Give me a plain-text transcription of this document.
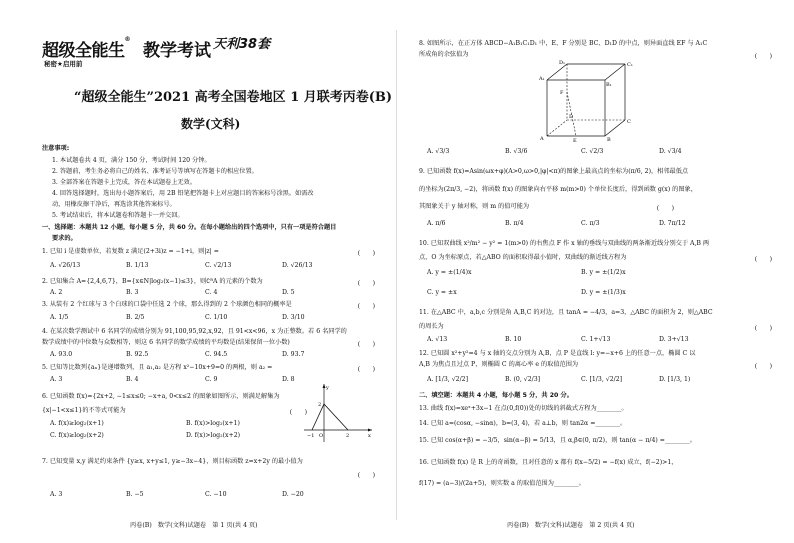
超级全能生®
教学考试 天利38套
秘密★启用前
“超级全能生”2021 高考全国卷地区 1 月联考丙卷(B)
数学(文科)
注意事项:
1. 本试题卷共 4 页，满分 150 分，考试时间 120 分钟。
2. 答题前，考生务必将自己的姓名、准考证号等填写在答题卡的相应位置。
3. 全部答案在答题卡上完成，答在本试题卷上无效。
4. 回答选择题时，选出每小题答案后，用 2B 铅笔把答题卡上对应题目的答案标号涂黑。如需改
动，用橡皮擦干净后，再选涂其他答案标号。
5. 考试结束后，将本试题卷和答题卡一并交回。
一、选择题：本题共 12 小题，每小题 5 分，共 60 分。在每小题给出的四个选项中，只有一项是符合题目
要求的。
1. 已知 i 是虚数单位，若复数 z 满足(2+3i)z = −1+i，则|z| =	(　　)
A. √26/13	B. 1/13	C. √2/13	D. √26/13
2. 已知集合 A={2,4,6,7}，B={x∈N|log₂(x−1)≤3}，则∁ᴮA 的元素的个数为	(　　)
A. 2	B. 3	C. 4	D. 5
3. 从装有 2 个红球与 3 个白球的口袋中任选 2 个球，那么得到的 2 个球颜色相同的概率是	(　　)
A. 1/5	B. 2/5	C. 1/10	D. 3/10
4. 在某次数学测试中 6 名同学的成绩分别为 91,100,95,92,x,92，且 91<x<96，x 为正整数。若 6 名同学的
数学成绩中的中位数与众数相等，则这 6 名同学的数学成绩的平均数是(结果保留一位小数)	(　　)
A. 93.0	B. 92.5	C. 94.5	D. 93.7
5. 已知等比数列{aₙ}是递增数列，且 a₁,a₂ 是方程 x²−10x+9=0 的两根，则 a₂ =	(　　)
A. 3	B. 4	C. 9	D. 8
6. 已知函数 f(x)={2x+2, −1≤x≤0; −x+a, 0<x≤2 的图象如图所示，则满足解集为
{x|−1<x≤1}的不等式可能为	(　　)
A. f(x)≥log₂(x+1)	B. f(x)>log₂(x+1)
C. f(x)≥log₂(x+2)	D. f(x)>log₂(x+2)
y
x
O
−1	2
2
7. 已知变量 x,y 满足约束条件 {y≥x, x+y≤1, y≥−3x−4}，则目标函数 z=x+2y 的最小值为
(　　)
A. 3	B. −5	C. −10	D. −20
丙卷(B)　数学(文科)试题卷　第 1 页(共 4 页)
8. 如图所示，在正方体 ABCD−A₁B₁C₁D₁ 中，E、F 分别是 BC、D₁D 的中点，则异面直线 EF 与 A₁C
所成角的余弦值为	(　　)
A	B
C
D
A₁
B₁
C₁
D₁
E
F
A. √3/3	B. √3/6	C. √2/3	D. √3/4
9. 已知函数 f(x)=Asin(ωx+φ)(A>0,ω>0,|φ|<π)的图象上最高点的坐标为(π/6, 2)，相邻最低点
的坐标为(2π/3, −2)，将函数 f(x) 的图象向右平移 m(m>0) 个单位长度后，得到函数 g(x) 的图象，
其图象关于 y 轴对称，则 m 的值可能为	(　　)
A. π/6	B. π/4	C. π/3	D. 7π/12
10. 已知双曲线 x²/m² − y² = 1(m>0) 的右焦点 F 作 x 轴的垂线与双曲线的两条渐近线分别交于 A,B 两
点，O 为坐标原点，若△ABO 的面积取得最小值时，双曲线的渐近线方程为	(　　)
A. y = ±(1/4)x	B. y = ±(1/2)x
C. y = ±x	D. y = ±(1/3)x
11. 在△ABC 中，a,b,c 分别是角 A,B,C 的对边，且 tanA = −4/3，a=3，△ABC 的面积为 2，则△ABC
的周长为	(　　)
A. √13	B. 10	C. 1+√13	D. 3+√13
12. 已知圆 x²+y²=4 与 x 轴的交点分别为 A,B，点 P 是直线 l: y=−x+6 上的任意一点，椭圆 C 以
A,B 为焦点且过点 P，则椭圆 C 的离心率 e 的取值范围为	(　　)
A. [1/3, √2/2]	B. (0, √2/3]	C. [1/3, √2/2]	D. [1/3, 1)
二、填空题：本题共 4 小题，每小题 5 分，共 20 分。
13. 曲线 f(x)=xeˣ+3x−1 在点(0,f(0))处的切线的斜截式方程为________。
14. 已知 a=(cosα, −sinα)，b=(3, 4)，若 a⊥b，则 tan2α =________。
15. 已知 cos(α+β) = −3/5，sin(α−β) = 5/13，且 α,β∈(0, π/2)，则 tan(α − π/4) =________。
16. 已知函数 f(x) 是 R 上的奇函数，且对任意的 x 都有 f(x−5/2) = −f(x) 成立，f(−2)>1，
f(17) = (a−3)/(2a+5)，则实数 a 的取值范围为________。
丙卷(B)　数学(文科)试题卷　第 2 页(共 4 页)
